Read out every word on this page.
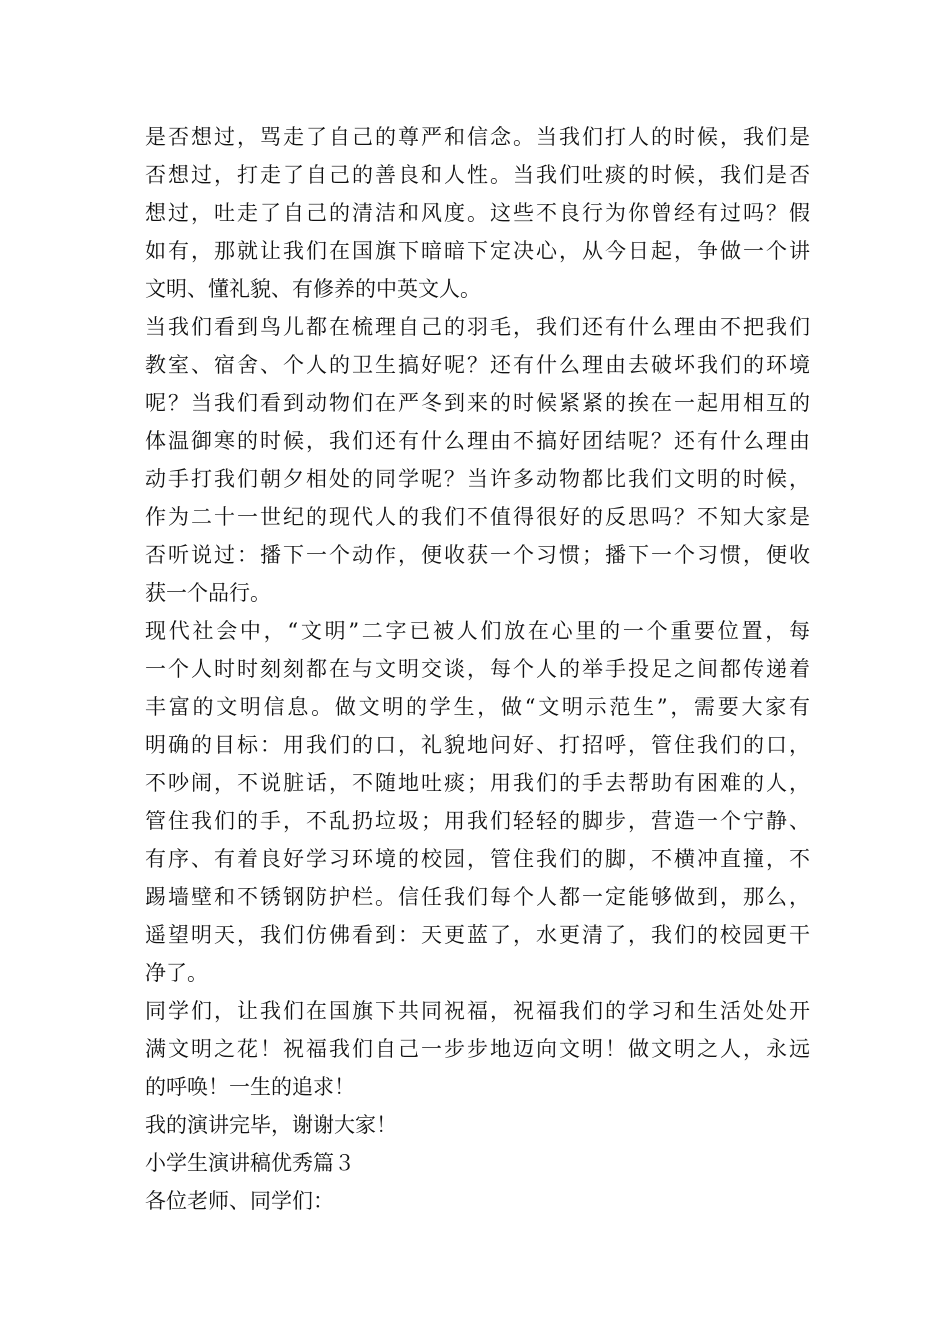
是否想过，骂走了自己的尊严和信念。当我们打人的时候，我们是
否想过，打走了自己的善良和人性。当我们吐痰的时候，我们是否
想过，吐走了自己的清洁和风度。这些不良行为你曾经有过吗？假
如有，那就让我们在国旗下暗暗下定决心，从今日起，争做一个讲
文明、懂礼貌、有修养的中英文人。
当我们看到鸟儿都在梳理自己的羽毛，我们还有什么理由不把我们
教室、宿舍、个人的卫生搞好呢？还有什么理由去破坏我们的环境
呢？当我们看到动物们在严冬到来的时候紧紧的挨在一起用相互的
体温御寒的时候，我们还有什么理由不搞好团结呢？还有什么理由
动手打我们朝夕相处的同学呢？当许多动物都比我们文明的时候，
作为二十一世纪的现代人的我们不值得很好的反思吗？不知大家是
否听说过：播下一个动作，便收获一个习惯；播下一个习惯，便收
获一个品行。
现代社会中，“文明”二字已被人们放在心里的一个重要位置，每
一个人时时刻刻都在与文明交谈，每个人的举手投足之间都传递着
丰富的文明信息。做文明的学生，做“文明示范生”，需要大家有
明确的目标：用我们的口，礼貌地问好、打招呼，管住我们的口，
不吵闹，不说脏话，不随地吐痰；用我们的手去帮助有困难的人，
管住我们的手，不乱扔垃圾；用我们轻轻的脚步，营造一个宁静、
有序、有着良好学习环境的校园，管住我们的脚，不横冲直撞，不
踢墙壁和不锈钢防护栏。信任我们每个人都一定能够做到，那么，
遥望明天，我们仿佛看到：天更蓝了，水更清了，我们的校园更干
净了。
同学们，让我们在国旗下共同祝福，祝福我们的学习和生活处处开
满文明之花！祝福我们自己一步步地迈向文明！做文明之人，永远
的呼唤！一生的追求！
我的演讲完毕，谢谢大家！
小学生演讲稿优秀篇３
各位老师、同学们：
